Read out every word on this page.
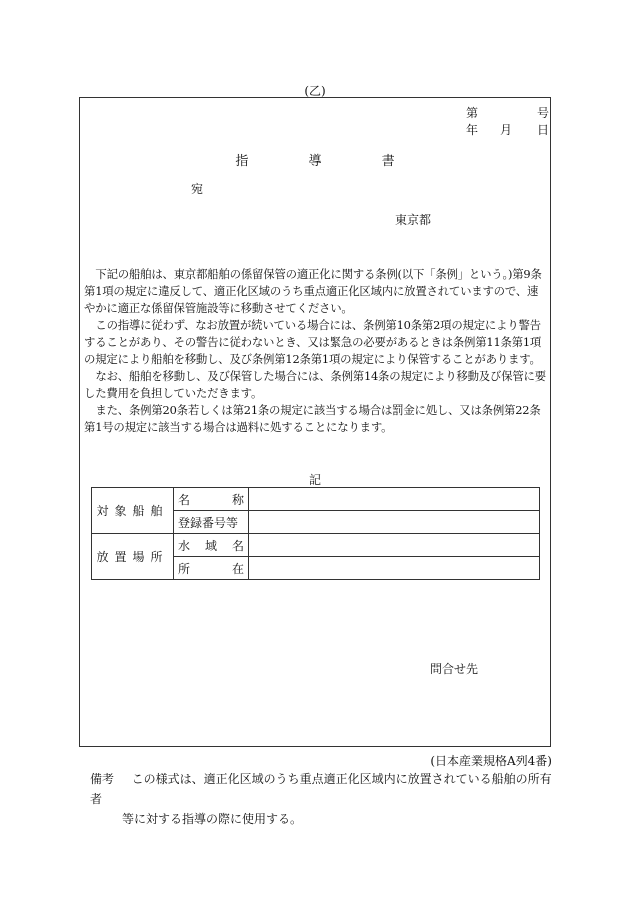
(乙)
第	号
年 月 日
指	導	書
宛
東京都

下記の船舶は、東京都船舶の係留保管の適正化に関する条例(以下「条例」という。)第9条第1項の規定に違反して、適正化区域のうち重点適正化区域内に放置されていますので、速やかに適正な係留保管施設等に移動させてください。

この指導に従わず、なお放置が続いている場合には、条例第10条第2項の規定により警告することがあり、その警告に従わないとき、又は緊急の必要があるときは条例第11条第1項の規定により船舶を移動し、及び条例第12条第1項の規定により保管することがあります。

なお、船舶を移動し、及び保管した場合には、条例第14条の規定により移動及び保管に要した費用を負担していただきます。

また、条例第20条若しくは第21条の規定に該当する場合は罰金に処し、又は条例第22条第1号の規定に該当する場合は過料に処することになります。

記
対象船舶	名 称	

	登録番号等	
放置場所	水 域 名	

	所 在	

問合せ先
(日本産業規格A列4番)
備考 この様式は、適正化区域のうち重点適正化区域内に放置されている船舶の所有者
等に対する指導の際に使用する。
